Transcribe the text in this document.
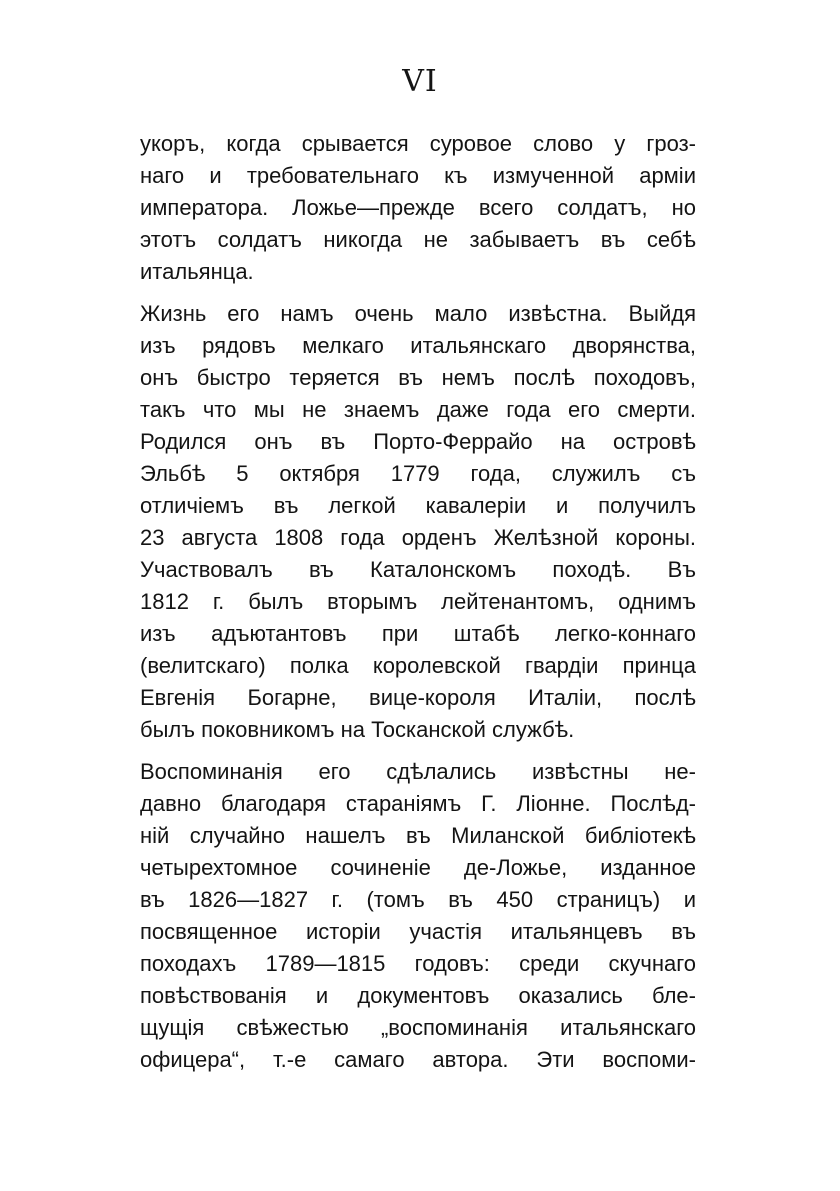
VI
укоръ, когда срывается суровое слово у гроз-
наго и требовательнаго къ измученной арміи
императора. Ложье—прежде всего солдатъ, но
этотъ солдатъ никогда не забываетъ въ себѣ
итальянца.
Жизнь его намъ очень мало извѣстна. Выйдя
изъ рядовъ мелкаго итальянскаго дворянства,
онъ быстро теряется въ немъ послѣ походовъ,
такъ что мы не знаемъ даже года его смерти.
Родился онъ въ Порто-Феррайо на островѣ
Эльбѣ 5 октября 1779 года, служилъ съ
отличіемъ въ легкой кавалеріи и получилъ
23 августа 1808 года орденъ Желѣзной короны.
Участвовалъ въ Каталонскомъ походѣ. Въ
1812 г. былъ вторымъ лейтенантомъ, однимъ
изъ адъютантовъ при штабѣ легко-коннаго
(велитскаго) полка королевской гвардіи принца
Евгенія Богарне, вице-короля Италіи, послѣ
былъ поковникомъ на Тосканской службѣ.
Воспоминанія его сдѣлались извѣстны не-
давно благодаря стараніямъ Г. Ліонне. Послѣд-
ній случайно нашелъ въ Миланской библіотекѣ
четырехтомное сочиненіе де-Ложье, изданное
въ 1826—1827 г. (томъ въ 450 страницъ) и
посвященное исторіи участія итальянцевъ въ
походахъ 1789—1815 годовъ: среди скучнаго
повѣствованія и документовъ оказались бле-
щущія свѣжестью „воспоминанія итальянскаго
офицера“, т.-е самаго автора. Эти воспоми-
